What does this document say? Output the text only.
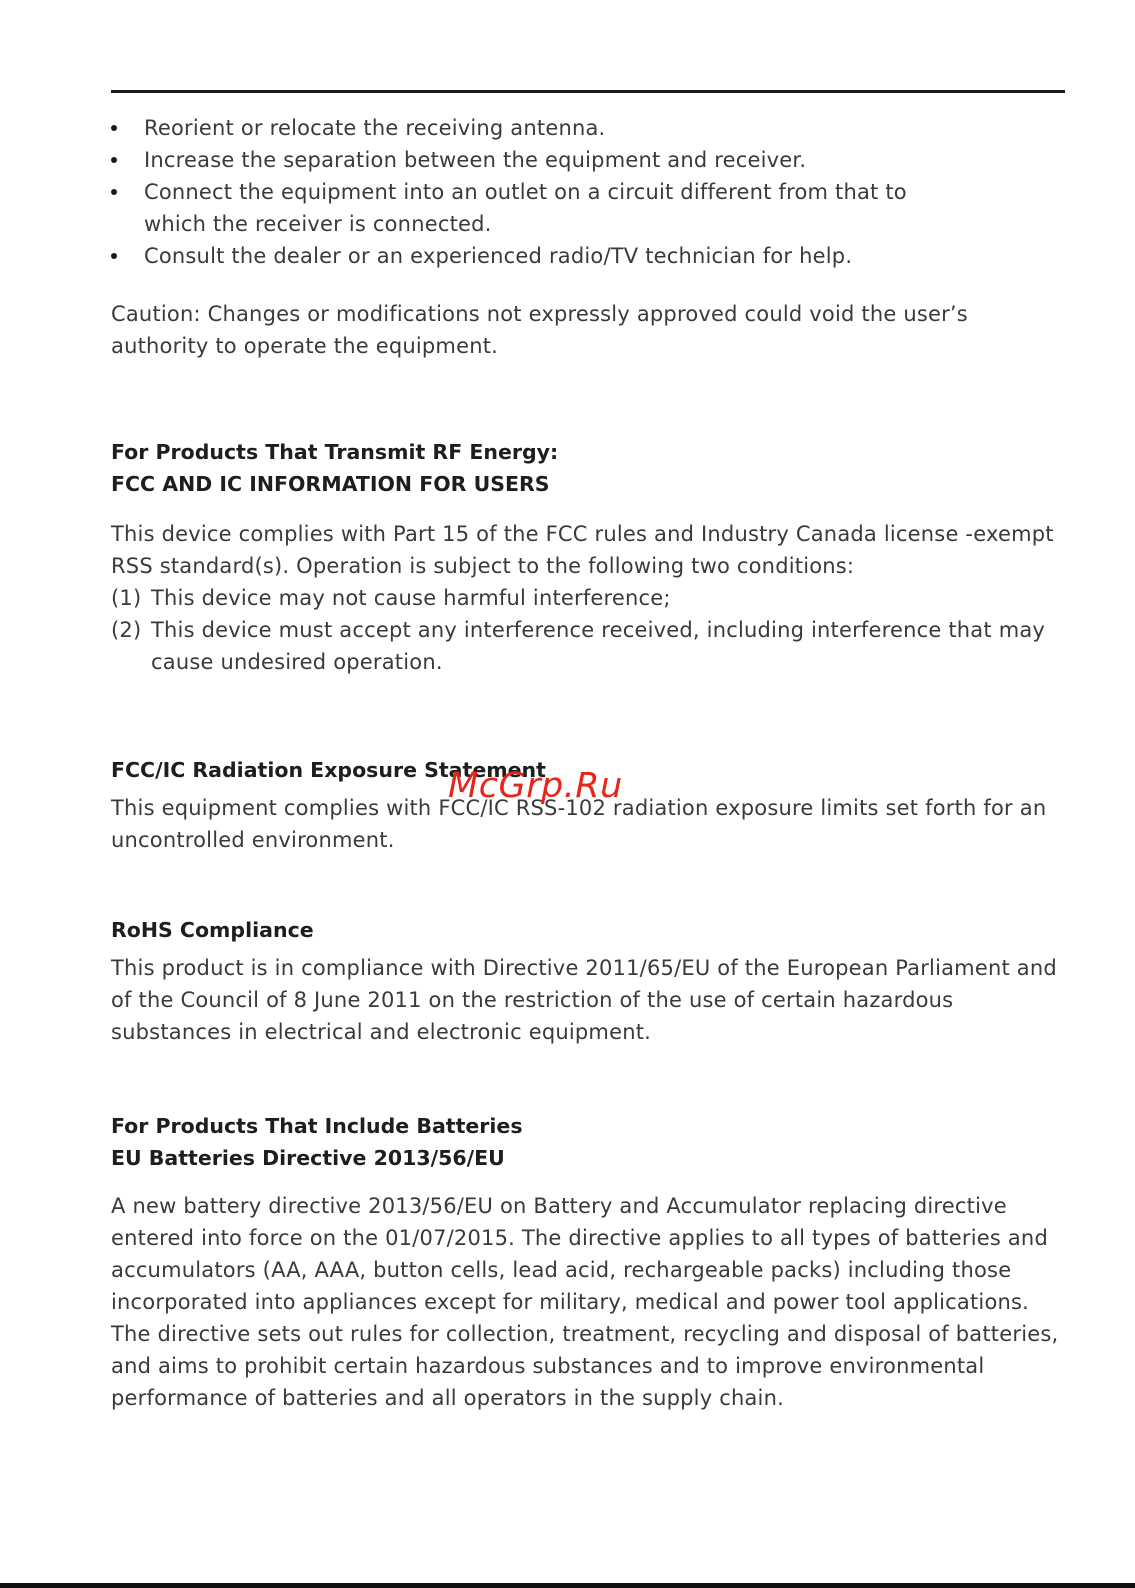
Reorient or relocate the receiving antenna.
Increase the separation between the equipment and receiver.
Connect the equipment into an outlet on a circuit different from that to which the receiver is connected.
Consult the dealer or an experienced radio/TV technician for help.

Caution: Changes or modifications not expressly approved could void the user’s authority to operate the equipment.

For Products That Transmit RF Energy:
FCC AND IC INFORMATION FOR USERS

This device complies with Part 15 of the FCC rules and Industry Canada license -exempt RSS standard(s). Operation is subject to the following two conditions:

(1) This device may not cause harmful interference;
(2) This device must accept any interference received, including interference that may cause undesired operation.
FCC/IC Radiation Exposure Statement

This equipment complies with FCC/IC RSS-102 radiation exposure limits set forth for an uncontrolled environment.

RoHS Compliance

This product is in compliance with Directive 2011/65/EU of the European Parliament and of the Council of 8 June 2011 on the restriction of the use of certain hazardous substances in electrical and electronic equipment.

For Products That Include Batteries
EU Batteries Directive 2013/56/EU

A new battery directive 2013/56/EU on Battery and Accumulator replacing directive entered into force on the 01/07/2015. The directive applies to all types of batteries and accumulators (AA, AAA, button cells, lead acid, rechargeable packs) including those incorporated into appliances except for military, medical and power tool applications. The directive sets out rules for collection, treatment, recycling and disposal of batteries, and aims to prohibit certain hazardous substances and to improve environmental performance of batteries and all operators in the supply chain.

McGrp.Ru
